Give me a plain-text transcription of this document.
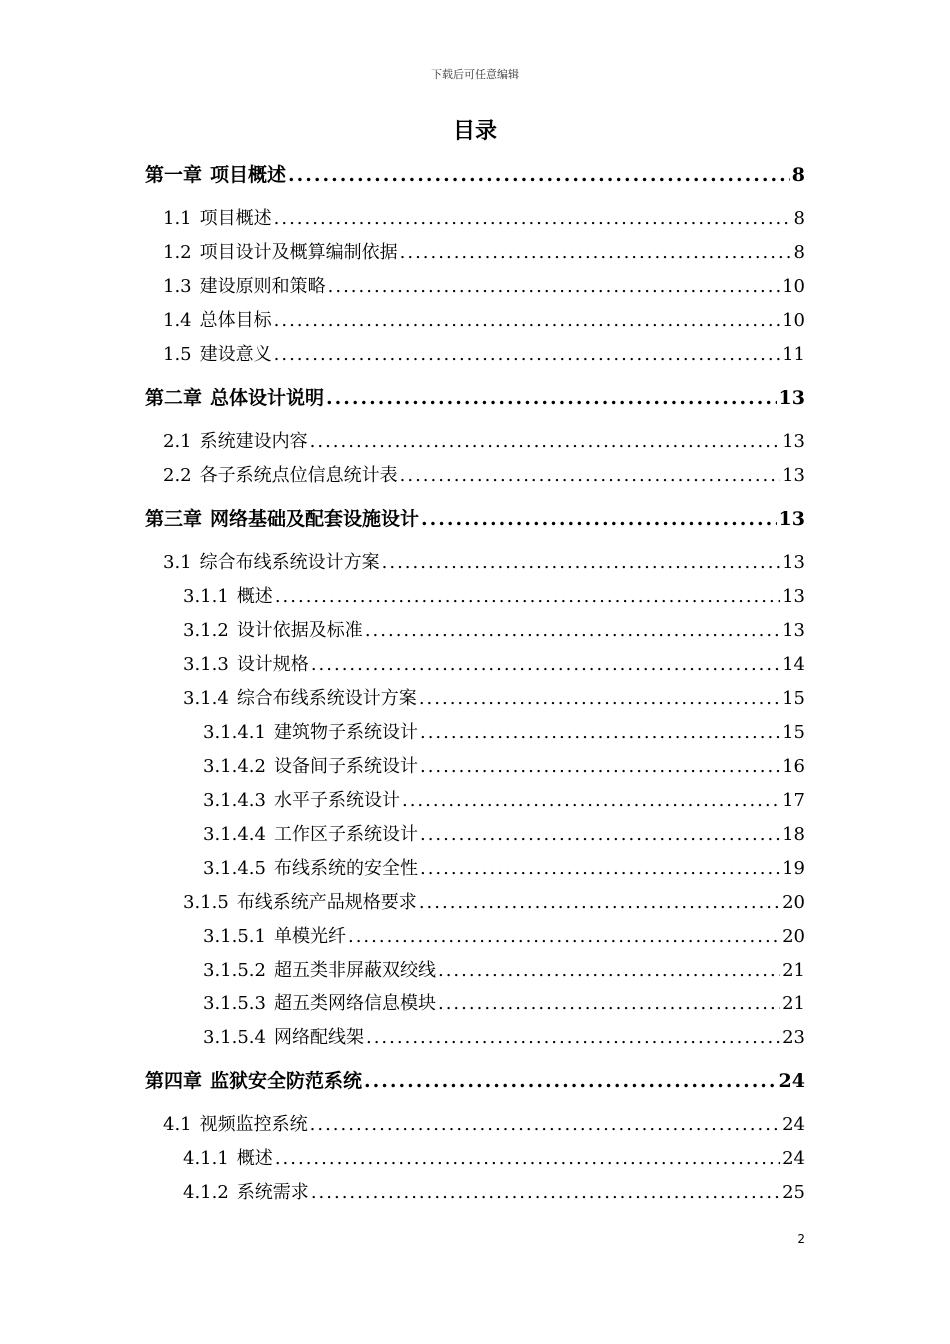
下载后可任意编辑
目录
第一章 项目概述 .....	8
1.1 项目概述 .....	8
1.2 项目设计及概算编制依据 .....	8
1.3 建设原则和策略 .....	10
1.4 总体目标 .....	10
1.5 建设意义 .....	11
第二章 总体设计说明 .....	13
2.1 系统建设内容 .....	13
2.2 各子系统点位信息统计表 .....	13
第三章 网络基础及配套设施设计 .....	13
3.1 综合布线系统设计方案 .....	13
3.1.1 概述 .....	13
3.1.2 设计依据及标准 .....	13
3.1.3 设计规格 .....	14
3.1.4 综合布线系统设计方案 .....	15
3.1.4.1 建筑物子系统设计 .....	15
3.1.4.2 设备间子系统设计 .....	16
3.1.4.3 水平子系统设计 .....	17
3.1.4.4 工作区子系统设计 .....	18
3.1.4.5 布线系统的安全性 .....	19
3.1.5 布线系统产品规格要求 .....	20
3.1.5.1 单模光纤 .....	20
3.1.5.2 超五类非屏蔽双绞线 .....	21
3.1.5.3 超五类网络信息模块 .....	21
3.1.5.4 网络配线架 .....	23
第四章 监狱安全防范系统 .....	24
4.1 视频监控系统 .....	24
4.1.1 概述 .....	24
4.1.2 系统需求 .....	25
2
